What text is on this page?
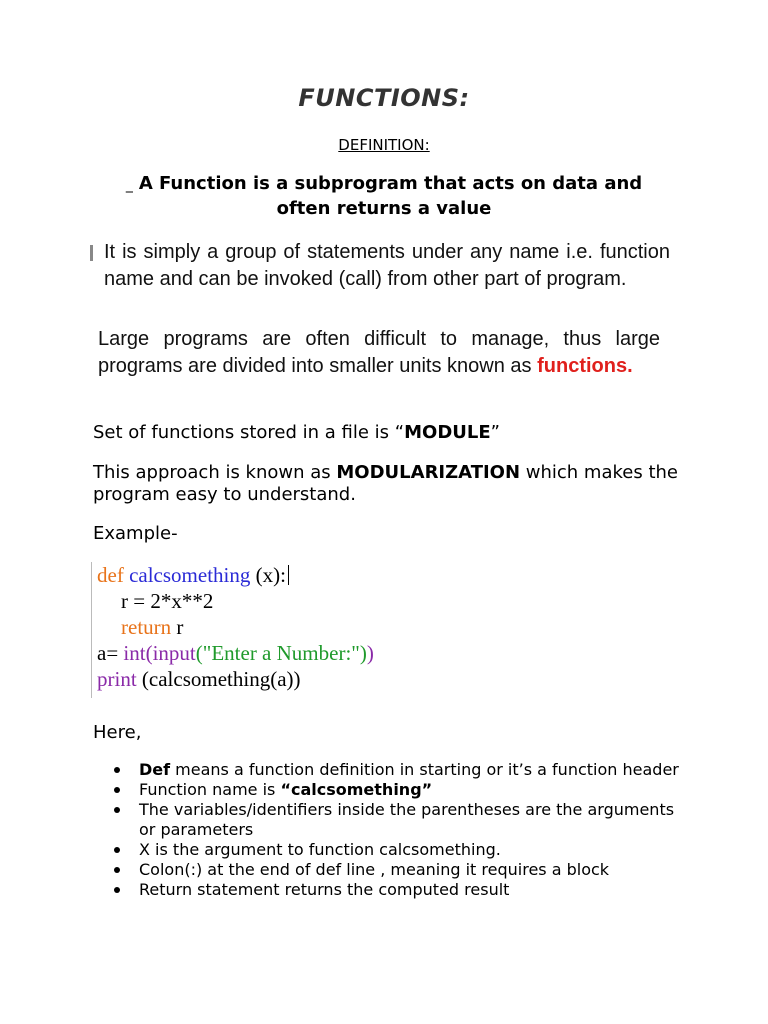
FUNCTIONS:
DEFINITION:
_ A Function is a subprogram that acts on data and often returns a value
It is simply a group of statements under any name i.e. function name and can be invoked (call) from other part of program.
Large programs are often difficult to manage, thus large programs are divided into smaller units known as functions.
Set of functions stored in a file is “MODULE”
This approach is known as MODULARIZATION which makes the program easy to understand.
Example-
def calcsomething (x):
r = 2*x**2
return r
a= int(input("Enter a Number:"))
print (calcsomething(a))
Here,
Def means a function definition in starting or it’s a function header
Function name is “calcsomething”
The variables/identifiers inside the parentheses are the arguments or parameters
X is the argument to function calcsomething.
Colon(:) at the end of def line , meaning it requires a block
Return statement returns the computed result
